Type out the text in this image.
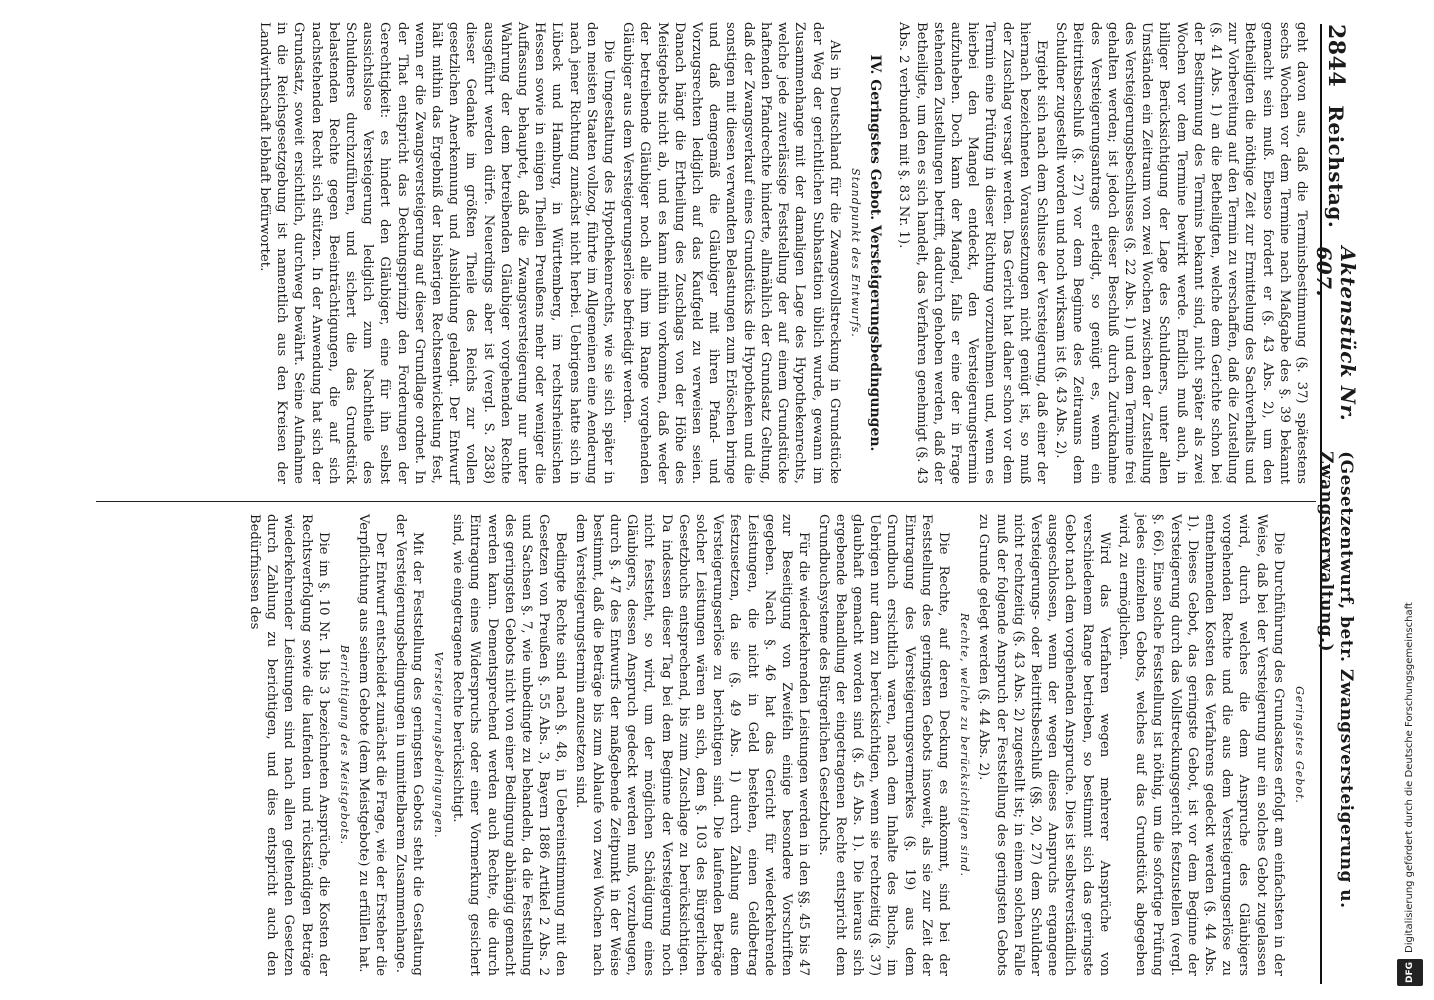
2844
Reichstag.
Aktenstück Nr. 607.
(Gesetzentwurf, betr. Zwangsversteigerung u. Zwangsverwaltung.)

geht davon aus, daß die Terminsbestimmung (§. 37) spätestens sechs Wochen vor dem Termine nach Maßgabe des §. 39 bekannt gemacht sein muß. Ebenso fordert er (§. 43 Abs. 2), um den Betheiligten die nöthige Zeit zur Ermittelung des Sachverhalts und zur Vorbereitung auf den Termin zu verschaffen, daß die Zustellung (§. 41 Abs. 1) an die Betheiligten, welche dem Gerichte schon bei der Bestimmung des Termins bekannt sind, nicht später als zwei Wochen vor dem Termine bewirkt werde. Endlich muß auch, in billiger Berücksichtigung der Lage des Schuldners, unter allen Umständen ein Zeitraum von zwei Wochen zwischen der Zustellung des Versteigerungsbeschlusses (§. 22 Abs. 1) und dem Termine frei gehalten werden; ist jedoch dieser Beschluß durch Zurücknahme des Versteigerungsantrags erledigt, so genügt es, wenn ein Beitrittsbeschluß (§. 27) vor dem Beginne des Zeitraums dem Schuldner zugestellt worden und noch wirksam ist (§. 43 Abs. 2).

Ergiebt sich nach dem Schlusse der Versteigerung, daß einer der hiernach bezeichneten Voraussetzungen nicht genügt ist, so muß der Zuschlag versagt werden. Das Gericht hat daher schon vor dem Termin eine Prüfung in dieser Richtung vorzunehmen und, wenn es hierbei den Mangel entdeckt, den Versteigerungstermin aufzuheben. Doch kann der Mangel, falls er eine der in Frage stehenden Zustellungen betrifft, dadurch gehoben werden, daß der Betheiligte, um den es sich handelt, das Verfahren genehmigt (§. 43 Abs. 2 verbunden mit §. 83 Nr. 1).

IV. Geringstes Gebot. Versteigerungsbedingungen.
Standpunkt des Entwurfs.

Als in Deutschland für die Zwangsvollstreckung in Grundstücke der Weg der gerichtlichen Subhastation üblich wurde, gewann im Zusammenhange mit der damaligen Lage des Hypothekenrechts, welche jede zuverlässige Feststellung der auf einem Grundstücke haftenden Pfandrechte hinderte, allmählich der Grundsatz Geltung, daß der Zwangsverkauf eines Grundstücks die Hypotheken und die sonstigen mit diesen verwandten Belastungen zum Erlöschen bringe und daß demgemäß die Gläubiger mit ihren Pfand- und Vorzugsrechten lediglich auf das Kaufgeld zu verweisen seien. Danach hängt die Ertheilung des Zuschlags von der Höhe des Meistgebots nicht ab, und es kann mithin vorkommen, daß weder der betreibende Gläubiger noch alle ihm im Range vorgehenden Gläubiger aus dem Versteigerungserlöse befriedigt werden.

Die Umgestaltung des Hypothekenrechts, wie sie sich später in den meisten Staaten vollzog, führte im Allgemeinen eine Aenderung nach jener Richtung zunächst nicht herbei. Uebrigens hatte sich in Lübeck und Hamburg, in Württemberg, im rechtsrheinischen Hessen sowie in einigen Theilen Preußens mehr oder weniger die Auffassung behauptet, daß die Zwangsversteigerung nur unter Wahrung der dem betreibenden Gläubiger vorgehenden Rechte ausgeführt werden dürfe. Neuerdings aber ist (vergl. S. 2838) dieser Gedanke im größten Theile des Reichs zur vollen gesetzlichen Anerkennung und Ausbildung gelangt. Der Entwurf hält mithin das Ergebniß der bisherigen Rechtsentwickelung fest, wenn er die Zwangsversteigerung auf dieser Grundlage ordnet. In der That entspricht das Deckungsprinzip den Forderungen der Gerechtigkeit: es hindert den Gläubiger, eine für ihn selbst aussichtslose Versteigerung lediglich zum Nachtheile des Schuldners durchzuführen, und sichert die das Grundstück belastenden Rechte gegen Beeinträchtigungen, die auf sich nachstehenden Recht sich stützen. In der Anwendung hat sich der Grundsatz, soweit ersichtlich, durchweg bewährt. Seine Aufnahme in die Reichsgesetzgebung ist namentlich aus den Kreisen der Landwirthschaft lebhaft befürwortet.

Geringstes Gebot.

Die Durchführung des Grundsatzes erfolgt am einfachsten in der Weise, daß bei der Versteigerung nur ein solches Gebot zugelassen wird, durch welches die dem Anspruche des Gläubigers vorgehenden Rechte und die aus dem Versteigerungserlöse zu entnehmenden Kosten des Verfahrens gedeckt werden (§. 44 Abs. 1). Dieses Gebot, das geringste Gebot, ist vor dem Beginne der Versteigerung durch das Vollstreckungsgericht festzustellen (vergl. §. 66). Eine solche Feststellung ist nöthig, um die sofortige Prüfung jedes einzelnen Gebots, welches auf das Grundstück abgegeben wird, zu ermöglichen.

Wird das Verfahren wegen mehrerer Ansprüche von verschiedenem Range betrieben, so bestimmt sich das geringste Gebot nach dem vorgehenden Anspruche. Dies ist selbstverständlich ausgeschlossen, wenn der wegen dieses Anspruchs ergangene Versteigerungs- oder Beitrittsbeschluß (§§. 20, 27) dem Schuldner nicht rechtzeitig (§. 43 Abs. 2) zugestellt ist; in einem solchen Falle muß der folgende Anspruch der Feststellung des geringsten Gebots zu Grunde gelegt werden (§. 44 Abs. 2).

Rechte, welche zu berücksichtigen sind.

Die Rechte, auf deren Deckung es ankommt, sind bei der Feststellung des geringsten Gebots insoweit, als sie zur Zeit der Eintragung des Versteigerungsvermerkes (§. 19) aus dem Grundbuch ersichtlich waren, nach dem Inhalte des Buchs, im Uebrigen nur dann zu berücksichtigen, wenn sie rechtzeitig (§. 37) glaubhaft gemacht worden sind (§. 45 Abs. 1). Die hieraus sich ergebende Behandlung der eingetragenen Rechte entspricht dem Grundbuchsysteme des Bürgerlichen Gesetzbuchs.

Für die wiederkehrenden Leistungen werden in den §§. 45 bis 47 zur Beseitigung von Zweifeln einige besondere Vorschriften gegeben. Nach §. 46 hat das Gericht für wiederkehrende Leistungen, die nicht in Geld bestehen, einen Geldbetrag festzusetzen, da sie (§. 49 Abs. 1) durch Zahlung aus dem Versteigerungserlöse zu berichtigen sind. Die laufenden Beträge solcher Leistungen wären an sich, dem §. 103 des Bürgerlichen Gesetzbuchs entsprechend, bis zum Zuschlage zu berücksichtigen. Da indessen dieser Tag bei dem Beginne der Versteigerung noch nicht feststeht, so wird, um der möglichen Schädigung eines Gläubigers, dessen Anspruch gedeckt werden muß, vorzubeugen, durch §. 47 des Entwurfs der maßgebende Zeitpunkt in der Weise bestimmt, daß die Beträge bis zum Ablaufe von zwei Wochen nach dem Versteigerungstermin anzusetzen sind.

Bedingte Rechte sind nach §. 48, in Uebereinstimmung mit den Gesetzen von Preußen §. 55 Abs. 3, Bayern 1886 Artikel 2 Abs. 2 und Sachsen §. 7, wie unbedingte zu behandeln, da die Feststellung des geringsten Gebots nicht von einer Bedingung abhängig gemacht werden kann. Dementsprechend werden auch Rechte, die durch Eintragung eines Widerspruchs oder einer Vormerkung gesichert sind, wie eingetragene Rechte berücksichtigt.

Versteigerungsbedingungen.

Mit der Feststellung des geringsten Gebots steht die Gestaltung der Versteigerungsbedingungen in unmittelbarem Zusammenhange.

Der Entwurf entscheidet zunächst die Frage, wie der Ersteher die Verpflichtung aus seinem Gebote (dem Meistgebote) zu erfüllen hat.

Berichtigung des Meistgebots.

Die im §. 10 Nr. 1 bis 3 bezeichneten Ansprüche, die Kosten der Rechtsverfolgung sowie die laufenden und rückständigen Beträge wiederkehrender Leistungen sind nach allen geltenden Gesetzen durch Zahlung zu berichtigen, und dies entspricht auch den Bedürfnissen des

DFG
Digitalisierung gefördert durch die Deutsche Forschungsgemeinschaft
